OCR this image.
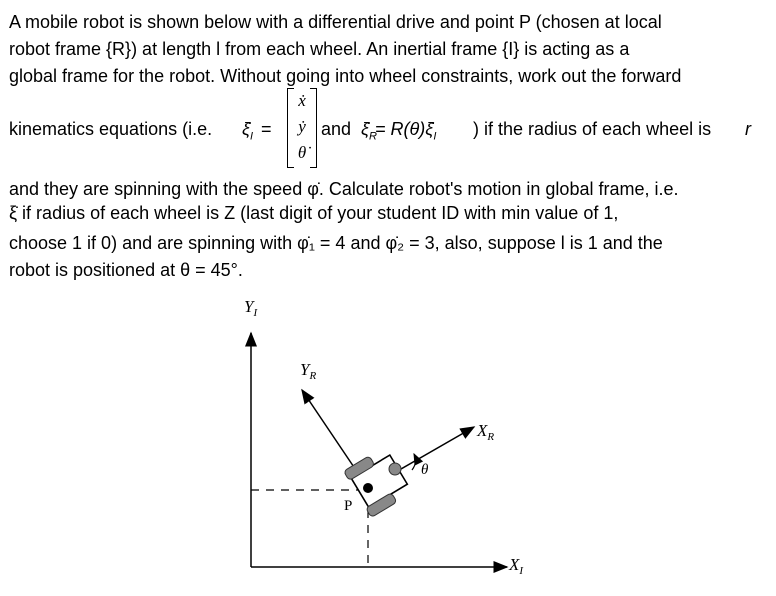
A mobile robot is shown below with a differential drive and point P (chosen at local
robot frame {R}) at length l from each wheel. An inertial frame {I} is acting as a
global frame for the robot. Without going into wheel constraints, work out the forward
kinematics equations (i.e. $\xi̇_I$ =
ẋ
ẏ
θ̇
and $\xi̇_R$
= $R(\theta)\xi̇_I$ ) if the radius of each wheel is r
and they are spinning with the speed φ̇. Calculate robot's motion in global frame, i.e.
ξ̇ if radius of each wheel is Z (last digit of your student ID with min value of 1,
choose 1 if 0) and are spinning with φ̇₁ = 4 and φ̇₂ = 3, also, suppose l is 1 and the
robot is positioned at θ = 45°.
$Y_I$
$X_I$
$Y_R$
$X_R$
P
θ
